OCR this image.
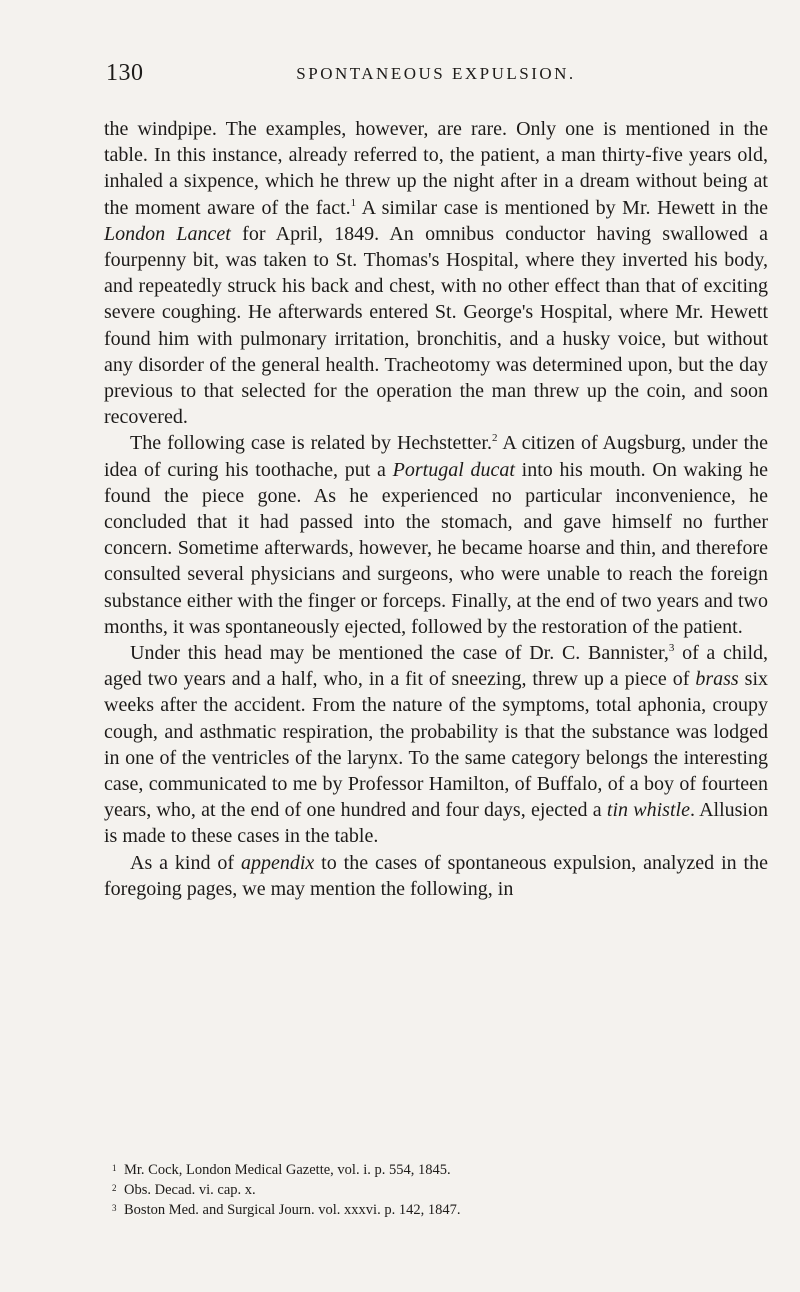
130	SPONTANEOUS EXPULSION.

the windpipe. The examples, however, are rare. Only one is mentioned in the table. In this instance, already referred to, the patient, a man thirty-five years old, inhaled a sixpence, which he threw up the night after in a dream without being at the moment aware of the fact.$^1$ A similar case is mentioned by Mr. Hewett in the London Lancet for April, 1849. An omnibus conductor having swallowed a fourpenny bit, was taken to St. Thomas's Hospital, where they inverted his body, and repeatedly struck his back and chest, with no other effect than that of exciting severe coughing. He afterwards entered St. George's Hospital, where Mr. Hewett found him with pulmonary irritation, bronchitis, and a husky voice, but without any disorder of the general health. Tracheotomy was determined upon, but the day previous to that selected for the operation the man threw up the coin, and soon recovered.

The following case is related by Hechstetter.$^2$ A citizen of Augsburg, under the idea of curing his toothache, put a Portugal ducat into his mouth. On waking he found the piece gone. As he experienced no particular inconvenience, he concluded that it had passed into the stomach, and gave himself no further concern. Sometime afterwards, however, he became hoarse and thin, and therefore consulted several physicians and surgeons, who were unable to reach the foreign substance either with the finger or forceps. Finally, at the end of two years and two months, it was spontaneously ejected, followed by the restoration of the patient.

Under this head may be mentioned the case of Dr. C. Bannister,$^3$ of a child, aged two years and a half, who, in a fit of sneezing, threw up a piece of brass six weeks after the accident. From the nature of the symptoms, total aphonia, croupy cough, and asthmatic respiration, the probability is that the substance was lodged in one of the ventricles of the larynx. To the same category belongs the interesting case, communicated to me by Professor Hamilton, of Buffalo, of a boy of fourteen years, who, at the end of one hundred and four days, ejected a tin whistle. Allusion is made to these cases in the table.

As a kind of appendix to the cases of spontaneous expulsion, analyzed in the foregoing pages, we may mention the following, in

1 Mr. Cock, London Medical Gazette, vol. i. p. 554, 1845.

2 Obs. Decad. vi. cap. x.

3 Boston Med. and Surgical Journ. vol. xxxvi. p. 142, 1847.
